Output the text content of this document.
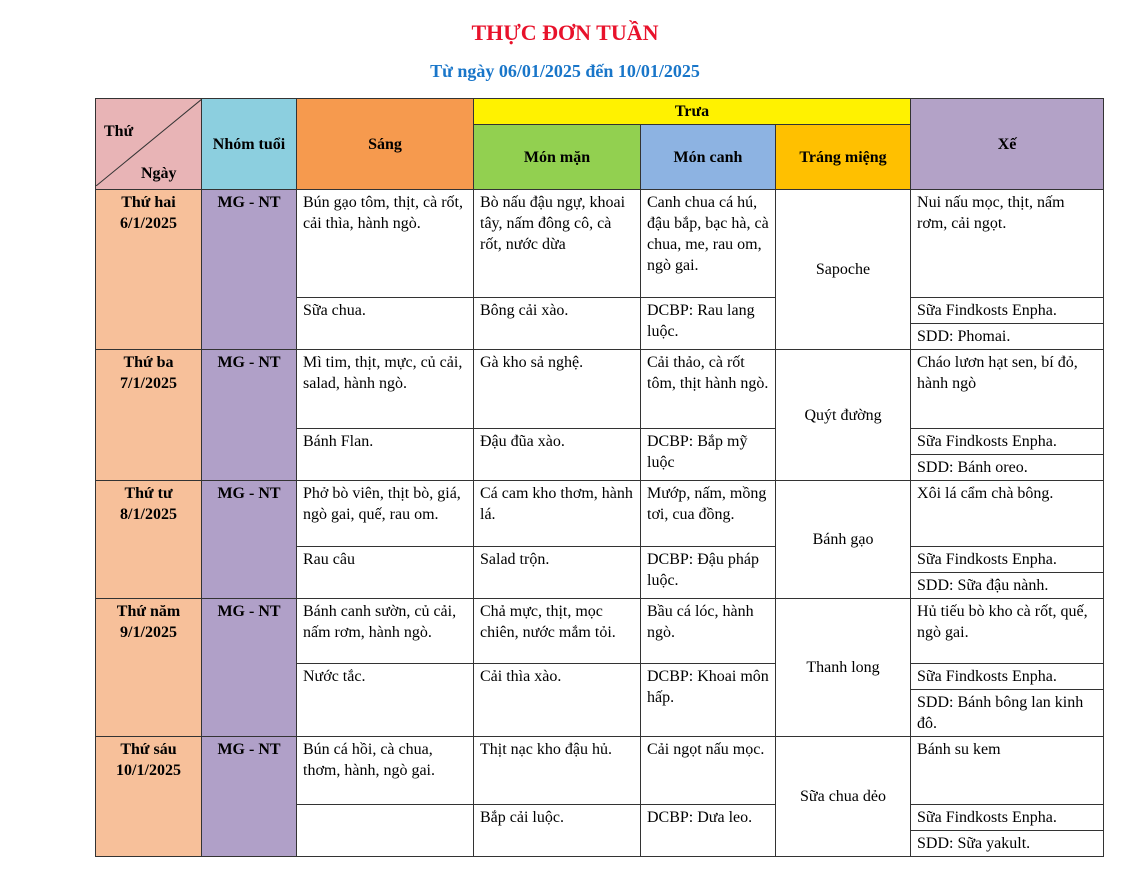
THỰC ĐƠN TUẦN
Từ ngày 06/01/2025 đến 10/01/2025
Thứ
Ngày	Nhóm tuổi	Sáng	Trưa			Xế
			Món mặn	Món canh	Tráng miệng	

Thứ hai
6/1/2025	MG - NT	Bún gạo tôm, thịt, cà rốt, cải thìa, hành ngò.	Bò nấu đậu ngự, khoai tây, nấm đông cô, cà rốt, nước dừa	Canh chua cá hú, đậu bắp, bạc hà, cà chua, me, rau om, ngò gai.	Sapoche	Nui nấu mọc, thịt, nấm rơm, cải ngọt.
		Sữa chua.	Bông cải xào.	DCBP: Rau lang luộc.		Sữa Findkosts Enpha.
						SDD: Phomai.

Thứ ba
7/1/2025	MG - NT	Mì tim, thịt, mực, củ cải, salad, hành ngò.	Gà kho sả nghệ.	Cải thảo, cà rốt tôm, thịt hành ngò.	Quýt đường	Cháo lươn hạt sen, bí đỏ, hành ngò
		Bánh Flan.	Đậu đũa xào.	DCBP: Bắp mỹ luộc		Sữa Findkosts Enpha.
						SDD: Bánh oreo.

Thứ tư
8/1/2025	MG - NT	Phở bò viên, thịt bò, giá, ngò gai, quế, rau om.	Cá cam kho thơm, hành lá.	Mướp, nấm, mồng tơi, cua đồng.	Bánh gạo	Xôi lá cẩm chà bông.
		Rau câu	Salad trộn.	DCBP: Đậu pháp luộc.		Sữa Findkosts Enpha.
						SDD: Sữa đậu nành.

Thứ năm
9/1/2025	MG - NT	Bánh canh sườn, củ cải, nấm rơm, hành ngò.	Chả mực, thịt, mọc chiên, nước mắm tỏi.	Bầu cá lóc, hành ngò.	Thanh long	Hủ tiếu bò kho cà rốt, quế, ngò gai.
		Nước tắc.	Cải thìa xào.	DCBP: Khoai môn hấp.		Sữa Findkosts Enpha.
						SDD: Bánh bông lan kinh đô.

Thứ sáu
10/1/2025	MG - NT	Bún cá hồi, cà chua, thơm, hành, ngò gai.	Thịt nạc kho đậu hủ.	Cải ngọt nấu mọc.	Sữa chua dẻo	Bánh su kem
			Bắp cải luộc.	DCBP: Dưa leo.		Sữa Findkosts Enpha.
						SDD: Sữa yakult.
